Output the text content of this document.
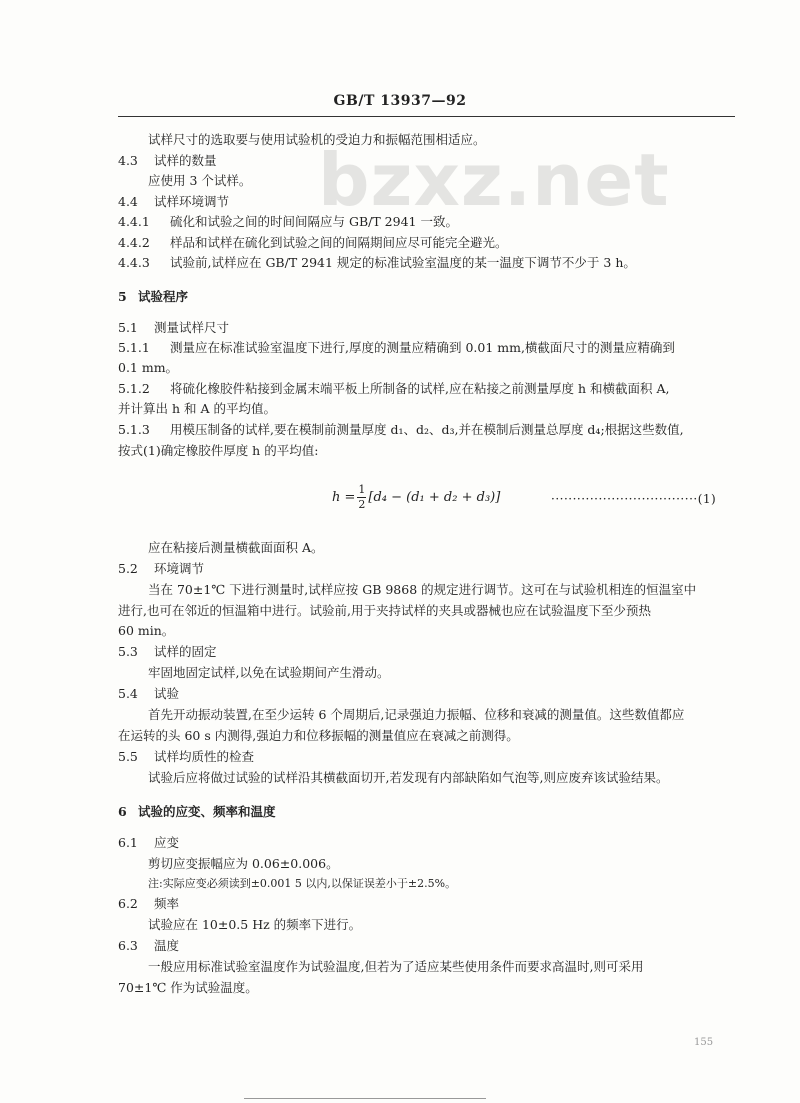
bzxz.net
GB/T 13937—92
试样尺寸的选取要与使用试验机的受迫力和振幅范围相适应。
4.3 试样的数量
应使用 3 个试样。
4.4 试样环境调节
4.4.1 硫化和试验之间的时间间隔应与 GB/T 2941 一致。
4.4.2 样品和试样在硫化到试验之间的间隔期间应尽可能完全避光。
4.4.3 试验前,试样应在 GB/T 2941 规定的标准试验室温度的某一温度下调节不少于 3 h。
5 试验程序
5.1 测量试样尺寸
5.1.1 测量应在标准试验室温度下进行,厚度的测量应精确到 0.01 mm,横截面尺寸的测量应精确到
0.1 mm。
5.1.2 将硫化橡胶件粘接到金属末端平板上所制备的试样,应在粘接之前测量厚度 h 和横截面积 A,
并计算出 h 和 A 的平均值。
5.1.3 用模压制备的试样,要在模制前测量厚度 d₁、d₂、d₃,并在模制后测量总厚度 d₄;根据这些数值,
按式(1)确定橡胶件厚度 h 的平均值:
$h = \frac{1}{2} [d_4 - (d_1 + d_2 + d_3)]$	··································(1)
应在粘接后测量横截面面积 A。
5.2 环境调节
当在 70±1℃ 下进行测量时,试样应按 GB 9868 的规定进行调节。这可在与试验机相连的恒温室中
进行,也可在邻近的恒温箱中进行。试验前,用于夹持试样的夹具或器械也应在试验温度下至少预热
60 min。
5.3 试样的固定
牢固地固定试样,以免在试验期间产生滑动。
5.4 试验
首先开动振动装置,在至少运转 6 个周期后,记录强迫力振幅、位移和衰减的测量值。这些数值都应
在运转的头 60 s 内测得,强迫力和位移振幅的测量值应在衰减之前测得。
5.5 试样均质性的检查
试验后应将做过试验的试样沿其横截面切开,若发现有内部缺陷如气泡等,则应废弃该试验结果。
6 试验的应变、频率和温度
6.1 应变
剪切应变振幅应为 0.06±0.006。
注:实际应变必须读到±0.001 5 以内,以保证误差小于±2.5%。
6.2 频率
试验应在 10±0.5 Hz 的频率下进行。
6.3 温度
一般应用标准试验室温度作为试验温度,但若为了适应某些使用条件而要求高温时,则可采用
70±1℃ 作为试验温度。
155
